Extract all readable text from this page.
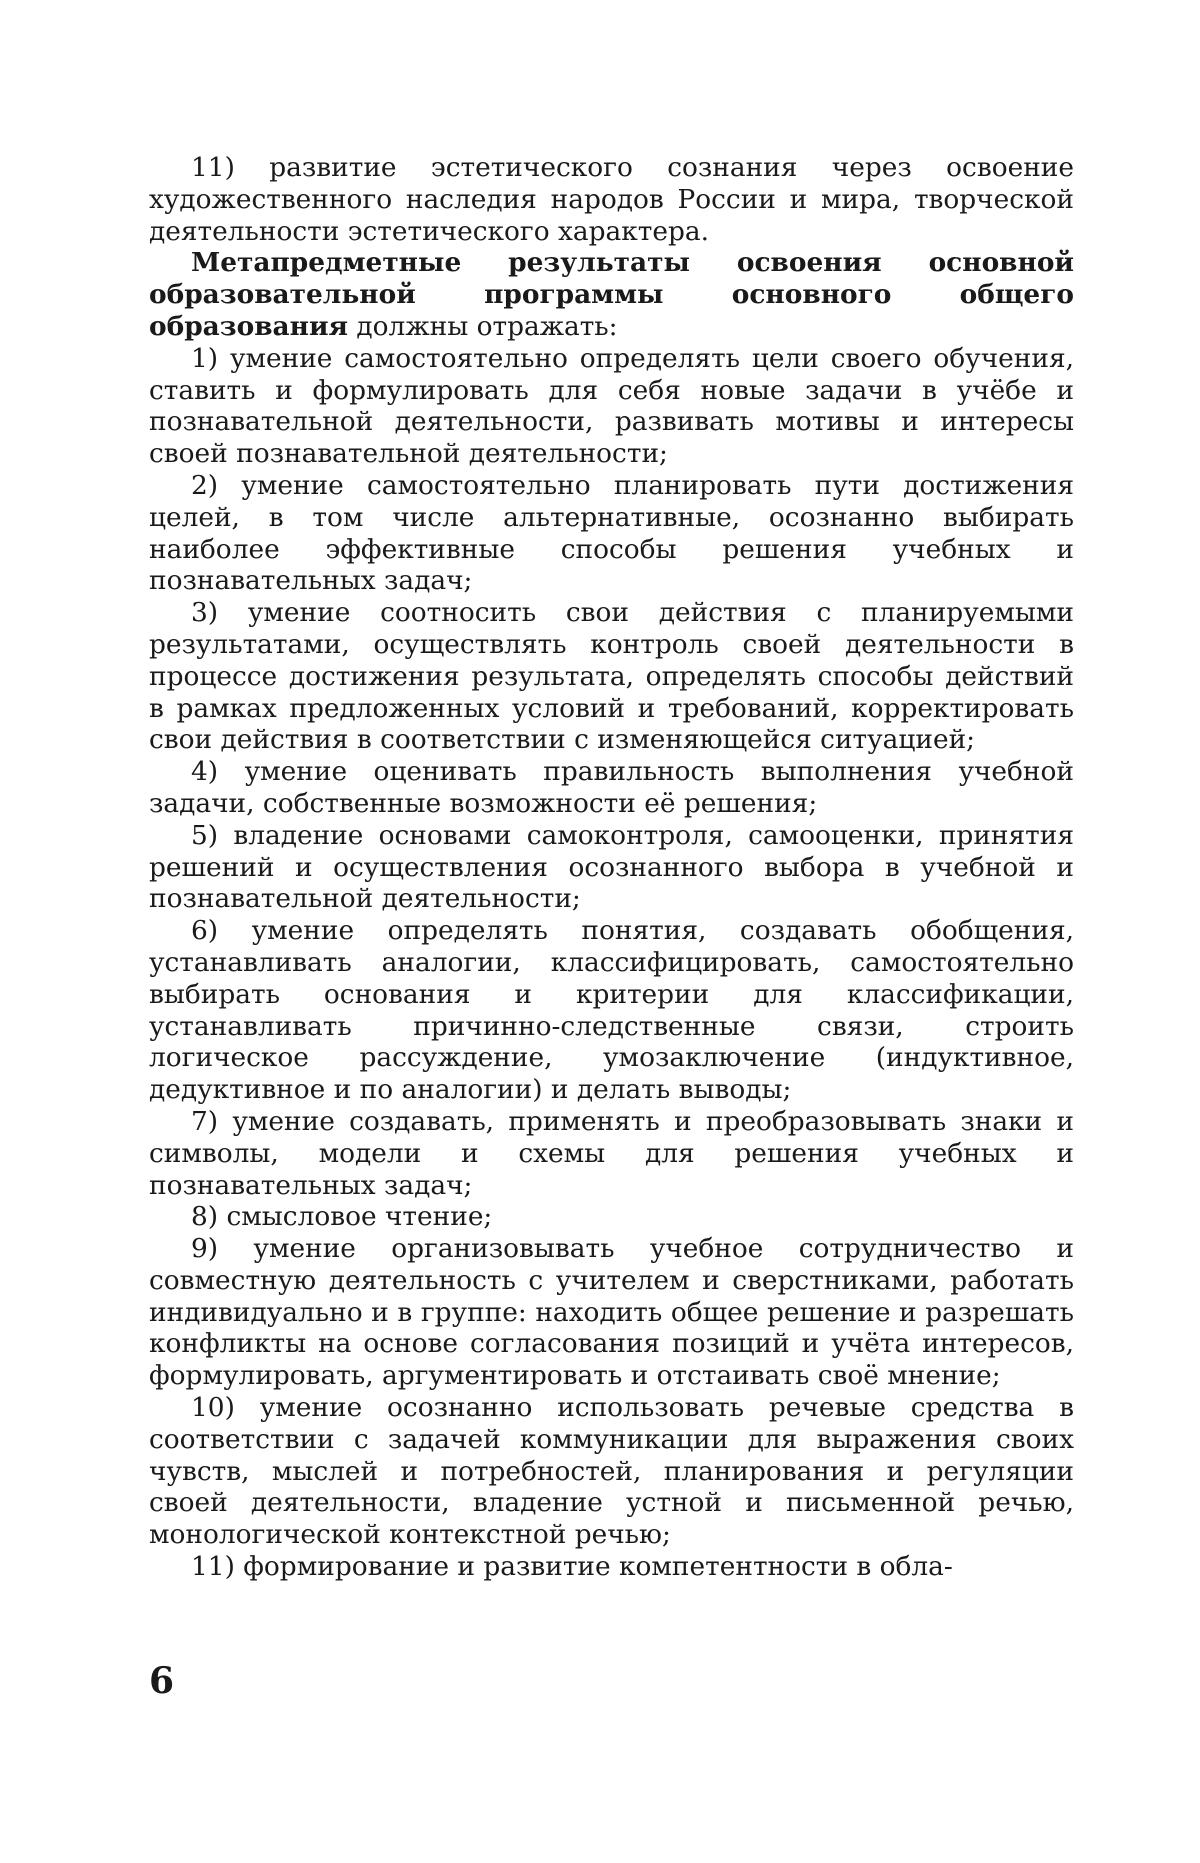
11) развитие эстетического сознания через освоение художественного наследия народов России и мира, творческой деятельности эстетического характера.

Метапредметные результаты освоения основной образовательной программы основного общего образования должны отражать:

1) умение самостоятельно определять цели своего обучения, ставить и формулировать для себя новые задачи в учёбе и познавательной деятельности, развивать мотивы и интересы своей познавательной деятельности;

2) умение самостоятельно планировать пути достижения целей, в том числе альтернативные, осознанно выбирать наиболее эффективные способы решения учебных и познавательных задач;

3) умение соотносить свои действия с планируемыми результатами, осуществлять контроль своей деятельности в процессе достижения результата, определять способы действий в рамках предложенных условий и требований, корректировать свои действия в соответствии с изменяющейся ситуацией;

4) умение оценивать правильность выполнения учебной задачи, собственные возможности её решения;

5) владение основами самоконтроля, самооценки, принятия решений и осуществления осознанного выбора в учебной и познавательной деятельности;

6) умение определять понятия, создавать обобщения, устанавливать аналогии, классифицировать, самостоятельно выбирать основания и критерии для классификации, устанавливать причинно-следственные связи, строить логическое рассуждение, умозаключение (индуктивное, дедуктивное и по аналогии) и делать выводы;

7) умение создавать, применять и преобразовывать знаки и символы, модели и схемы для решения учебных и познавательных задач;

8) смысловое чтение;

9) умение организовывать учебное сотрудничество и совместную деятельность с учителем и сверстниками, работать индивидуально и в группе: находить общее решение и разрешать конфликты на основе согласования позиций и учёта интересов, формулировать, аргументировать и отстаивать своё мнение;

10) умение осознанно использовать речевые средства в соответствии с задачей коммуникации для выражения своих чувств, мыслей и потребностей, планирования и регуляции своей деятельности, владение устной и письменной речью, монологической контекстной речью;

11) формирование и развитие компетентности в обла-

6
